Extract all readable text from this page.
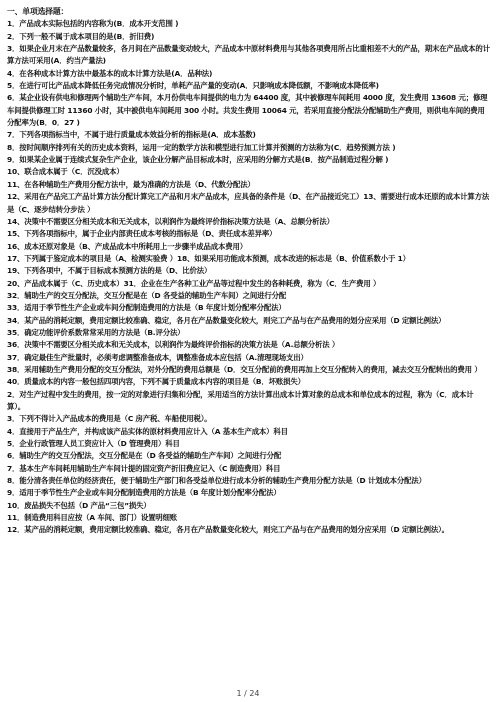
一、单项选择题：
1．产品成本实际包括的内容称为(B．成本开支范围 )
2．下列一般不属于成本项目的是(B．折旧费)
3．如果企业月末在产品数量较多，各月间在产品数量变动较大，产品成本中原材料费用与其他各项费用所占比重相差不大的产品，期末在产品成本的计算方法可采用(A．约当产量法)
4．在各种成本计算方法中最基本的成本计算方法是(A．品种法)
5．在进行可比产品成本降低任务完成情况分析时，单耗产品产量的变动(A．只影响成本降低额，不影响成本降低率)
6．某企业设有供电和修理两个辅助生产车间，本月份供电车间提供的电力为 64400 度，其中被修理车间耗用 4000 度，发生费用 13608 元；修理车间提供修理工时 11360 小时，其中被供电车间耗用 300 小时。共发生费用 10064 元，若采用直接分配法分配辅助生产费用，则供电车间的费用分配率为(B．0．27 )
7．下列各项指标当中，不属于进行质量成本效益分析的指标是(A．成本基数)
8．按时间顺序排列有关的历史成本资料，运用一定的数学方法和模型进行加工计算并预测的方法称为(C．趋势预测方法 )
9．如果某企业属于连续式复杂生产企业，该企业分解产品目标成本时，应采用的分解方式是(B．按产品制造过程分解 )
10、联合成本属于（C．沉没成本）
11、在各种辅助生产费用分配方法中，最为准确的方法是（D、代数分配法）
12、采用在产品完工产品计算方法分配计算完工产品和月末产品成本，应具备的条件是（D、在产品接近完工）13、需要进行成本还原的成本计算方法是（C、逐步结转分步法 ）
14、决策中不需要区分相关成本和无关成本，以利润作为最终评价指标决策方法是（A、总额分析法）
15、下列各项指标中，属于企业内部责任成本考核的指标是（D、责任成本差异率）
16、成本还原对象是（B、产成品成本中所耗用上一步骤半成品成本费用）
17、下列属于鉴定成本的项目是（A、检测实验费 ）18、如果采用功能成本预测，成本改进的标志是（B、价值系数小于 1）
19、下列各项中，不属于目标成本预测方法的是（D、比价法）
20、产品成本属于（C、历史成本）31．企业在生产各种工业产品等过程中发生的各种耗费，称为（C．生产费用 ）
32．辅助生产的交互分配法，交互分配是在（D 各受益的辅助生产车间）之间进行分配
33．适用于季节性生产企业或车间分配制造费用的方法是（B 年度计划分配率分配法）
34．某产品的消耗定额，费用定额比较准确、稳定，各月在产品数量变化较大，则完工产品与在产品费用的划分应采用（D 定额比例法）
35．确定功能评价系数常常采用的方法是（B.评分法）
36．决策中不需要区分相关成本和无关成本，以利润作为最终评价指标的决策方法是（A.总额分析法 ）
37．确定最佳生产批量时，必须考虑调整准备成本，调整准备成本应包括（A.清理现场支出）
38．采用辅助生产费用分配的交互分配法，对外分配的费用总额是（D．交互分配前的费用再加上交互分配转入的费用，减去交互分配转出的费用 ）
40．质量成本的内容一般包括四项内容，下列不属于质量成本内容的项目是（B．坏账损失）
2．对生产过程中发生的费用，按一定的对象进行归集和分配，采用适当的方法计算出成本计算对象的总成本和单位成本的过程，称为（C．成本计算）。
3．下列不得计入产品成本的费用是（C 房产税、车船使用税）。
4．直接用于产品生产，并构成该产品实体的原材料费用应计入（A 基本生产成本）科目
5．企业行政管理人员工资应计入（D 管理费用）科目
6．辅助生产的交互分配法，交互分配是在（D 各受益的辅助生产车间）之间进行分配
7．基本生产车间耗用辅助生产车间计提的固定资产折旧费应记入（C 制造费用）科目
8．能分清各责任单位的经济责任，便于辅助生产部门和各受益单位进行成本分析的辅助生产费用分配方法是（D 计划成本分配法）
9．适用于季节性生产企业或车间分配制造费用的方法是（B 年度计划分配率分配法）
10．废品损失不包括（D 产品“三包”损失）
11．制造费用科目应按（A 车间、部门）设置明细账
12．某产品的消耗定额，费用定额比较准确、稳定，各月在产品数量变化较大，则完工产品与在产品费用的划分应采用（D 定额比例法）。
1 / 24
